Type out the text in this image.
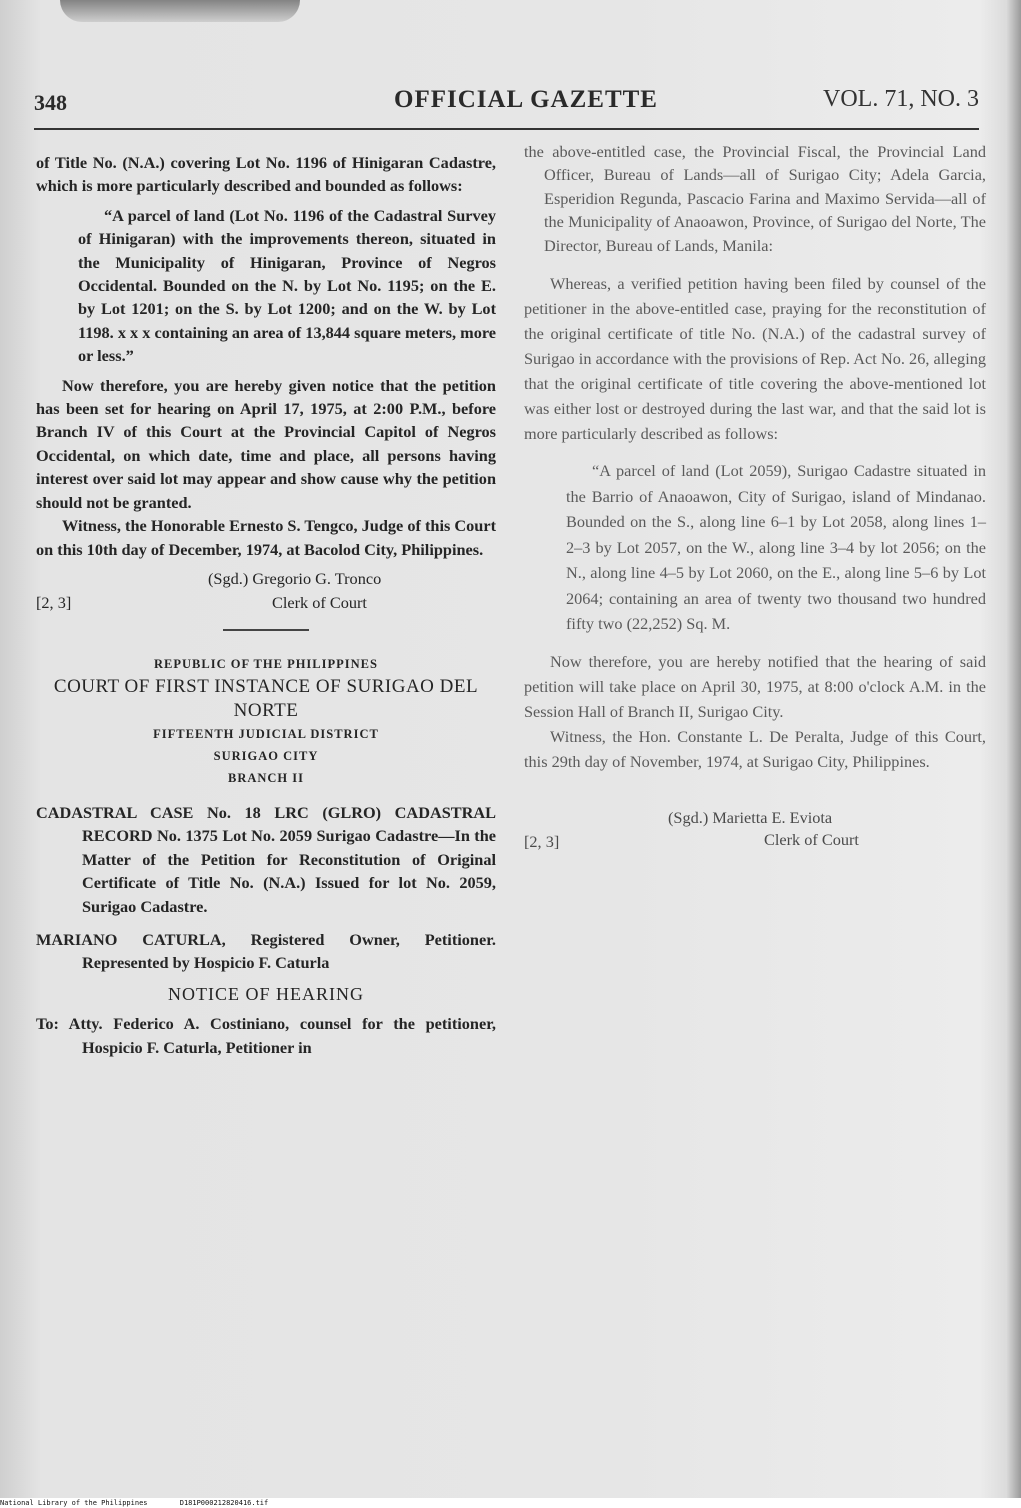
348	OFFICIAL GAZETTE	VOL. 71, NO. 3

of Title No. (N.A.) covering Lot No. 1196 of Hinigaran Cadastre, which is more particularly described and bounded as follows:

“A parcel of land (Lot No. 1196 of the Cadastral Survey of Hinigaran) with the improvements thereon, situated in the Municipality of Hinigaran, Province of Negros Occidental. Bounded on the N. by Lot No. 1195; on the E. by Lot 1201; on the S. by Lot 1200; and on the W. by Lot 1198. x x x containing an area of 13,844 square meters, more or less.”

Now therefore, you are hereby given notice that the petition has been set for hearing on April 17, 1975, at 2:00 P.M., before Branch IV of this Court at the Provincial Capitol of Negros Occidental, on which date, time and place, all persons having interest over said lot may appear and show cause why the petition should not be granted.

Witness, the Honorable Ernesto S. Tengco, Judge of this Court on this 10th day of December, 1974, at Bacolod City, Philippines.

(Sgd.) Gregorio G. Tronco
Clerk of Court
[2, 3]

REPUBLIC OF THE PHILIPPINES

COURT OF FIRST INSTANCE OF SURIGAO DEL NORTE

FIFTEENTH JUDICIAL DISTRICT

SURIGAO CITY

BRANCH II

CADASTRAL CASE No. 18 LRC (GLRO) CADASTRAL RECORD No. 1375 Lot No. 2059 Surigao Cadastre—In the Matter of the Petition for Reconstitution of Original Certificate of Title No. (N.A.) Issued for lot No. 2059, Surigao Cadastre.

MARIANO CATURLA, Registered Owner, Petitioner. Represented by Hospicio F. Caturla

NOTICE OF HEARING

To: Atty. Federico A. Costiniano, counsel for the petitioner, Hospicio F. Caturla, Petitioner in

the above-entitled case, the Provincial Fiscal, the Provincial Land Officer, Bureau of Lands—all of Surigao City; Adela Garcia, Esperidion Regunda, Pascacio Farina and Maximo Servida—all of the Municipality of Anaoawon, Province, of Surigao del Norte, The Director, Bureau of Lands, Manila:

Whereas, a verified petition having been filed by counsel of the petitioner in the above-entitled case, praying for the reconstitution of the original certificate of title No. (N.A.) of the cadastral survey of Surigao in accordance with the provisions of Rep. Act No. 26, alleging that the original certificate of title covering the above-mentioned lot was either lost or destroyed during the last war, and that the said lot is more particularly described as follows:

“A parcel of land (Lot 2059), Surigao Cadastre situated in the Barrio of Anaoawon, City of Surigao, island of Mindanao. Bounded on the S., along line 6–1 by Lot 2058, along lines 1–2–3 by Lot 2057, on the W., along line 3–4 by lot 2056; on the N., along line 4–5 by Lot 2060, on the E., along line 5–6 by Lot 2064; containing an area of twenty two thousand two hundred fifty two (22,252) Sq. M.

Now therefore, you are hereby notified that the hearing of said petition will take place on April 30, 1975, at 8:00 o'clock A.M. in the Session Hall of Branch II, Surigao City.

Witness, the Hon. Constante L. De Peralta, Judge of this Court, this 29th day of November, 1974, at Surigao City, Philippines.

(Sgd.) Marietta E. Eviota
Clerk of Court
[2, 3]
National Library of the Philippines	D181P000212820416.tif
